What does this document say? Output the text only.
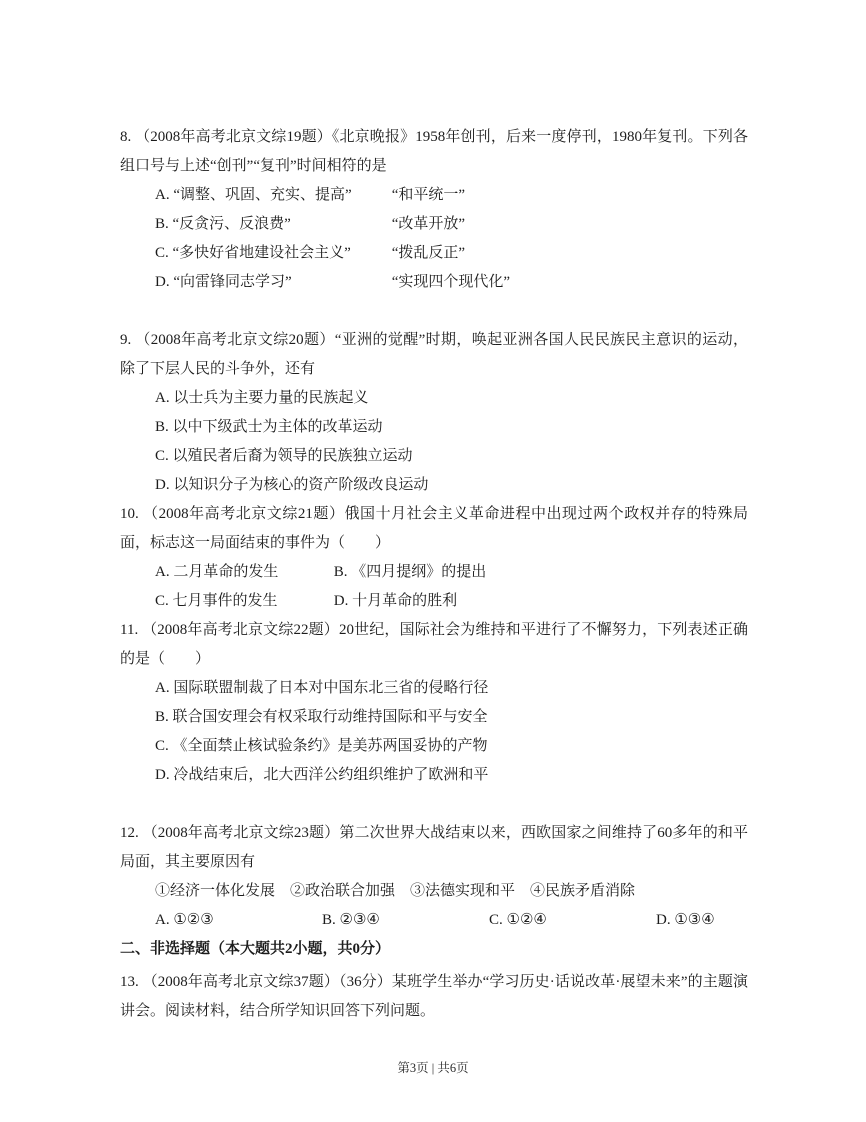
8. （2008年高考北京文综19题）《北京晚报》1958年创刊，后来一度停刊，1980年复刊。下列各组口号与上述“创刊”“复刊”时间相符的是

A. “调整、巩固、充实、提高”	“和平统一”
B. “反贪污、反浪费”	“改革开放”
C. “多快好省地建设社会主义”	“拨乱反正”
D. “向雷锋同志学习”	“实现四个现代化”

9. （2008年高考北京文综20题）“亚洲的觉醒”时期，唤起亚洲各国人民民族民主意识的运动，除了下层人民的斗争外，还有

A. 以士兵为主要力量的民族起义
B. 以中下级武士为主体的改革运动
C. 以殖民者后裔为领导的民族独立运动
D. 以知识分子为核心的资产阶级改良运动

10. （2008年高考北京文综21题）俄国十月社会主义革命进程中出现过两个政权并存的特殊局面，标志这一局面结束的事件为（　　）

A. 二月革命的发生	B. 《四月提纲》的提出
C. 七月事件的发生	D. 十月革命的胜利

11. （2008年高考北京文综22题）20世纪，国际社会为维持和平进行了不懈努力，下列表述正确的是（　　）

A. 国际联盟制裁了日本对中国东北三省的侵略行径
B. 联合国安理会有权采取行动维持国际和平与安全
C. 《全面禁止核试验条约》是美苏两国妥协的产物
D. 冷战结束后，北大西洋公约组织维护了欧洲和平

12. （2008年高考北京文综23题）第二次世界大战结束以来，西欧国家之间维持了60多年的和平局面，其主要原因有

①经济一体化发展　②政治联合加强　③法德实现和平　④民族矛盾消除
A. ①②③	B. ②③④	C. ①②④	D. ①③④

二、非选择题（本大题共2小题，共0分）

13. （2008年高考北京文综37题）（36分）某班学生举办“学习历史·话说改革·展望未来”的主题演讲会。阅读材料，结合所学知识回答下列问题。

第3页 | 共6页
